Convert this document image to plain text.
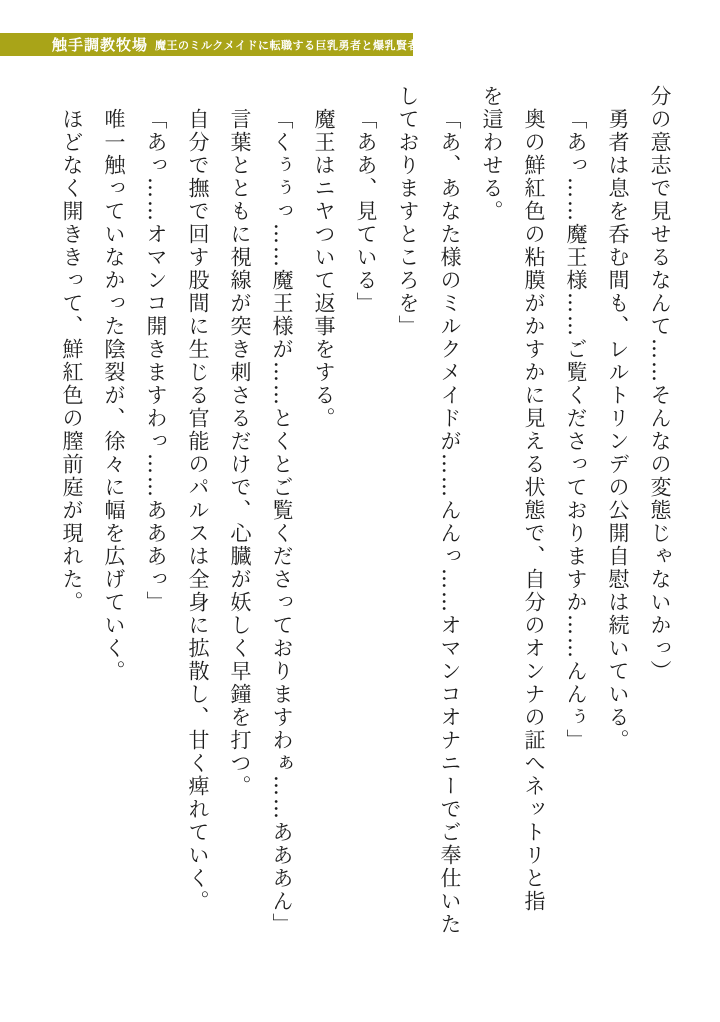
触手調教牧場 魔王のミルクメイドに転職する巨乳勇者と爆乳賢者
分の意志で見せるなんて……そんなの変態じゃないかっ）
勇者は息を呑む間も、レルトリンデの公開自慰は続いている。
「あっ……魔王様……ご覧くださっておりますか……んんぅ」
奥の鮮紅色の粘膜がかすかに見える状態で、自分のオンナの証へネットリと指
を這わせる。
「あ、あなた様のミルクメイドが……んんっ……オマンコオナニーでご奉仕いた
しておりますところを」
「ああ、見ている」
魔王はニヤついて返事をする。
「くぅぅっ……魔王様が……とくとご覧くださっておりますわぁ……あああん」
言葉とともに視線が突き刺さるだけで、心臓が妖しく早鐘を打つ。
自分で撫で回す股間に生じる官能のパルスは全身に拡散し、甘く痺れていく。
「あっ……オマンコ開きますわっ……あああっ」
唯一触っていなかった陰裂が、徐々に幅を広げていく。
ほどなく開ききって、鮮紅色の膣前庭が現れた。
